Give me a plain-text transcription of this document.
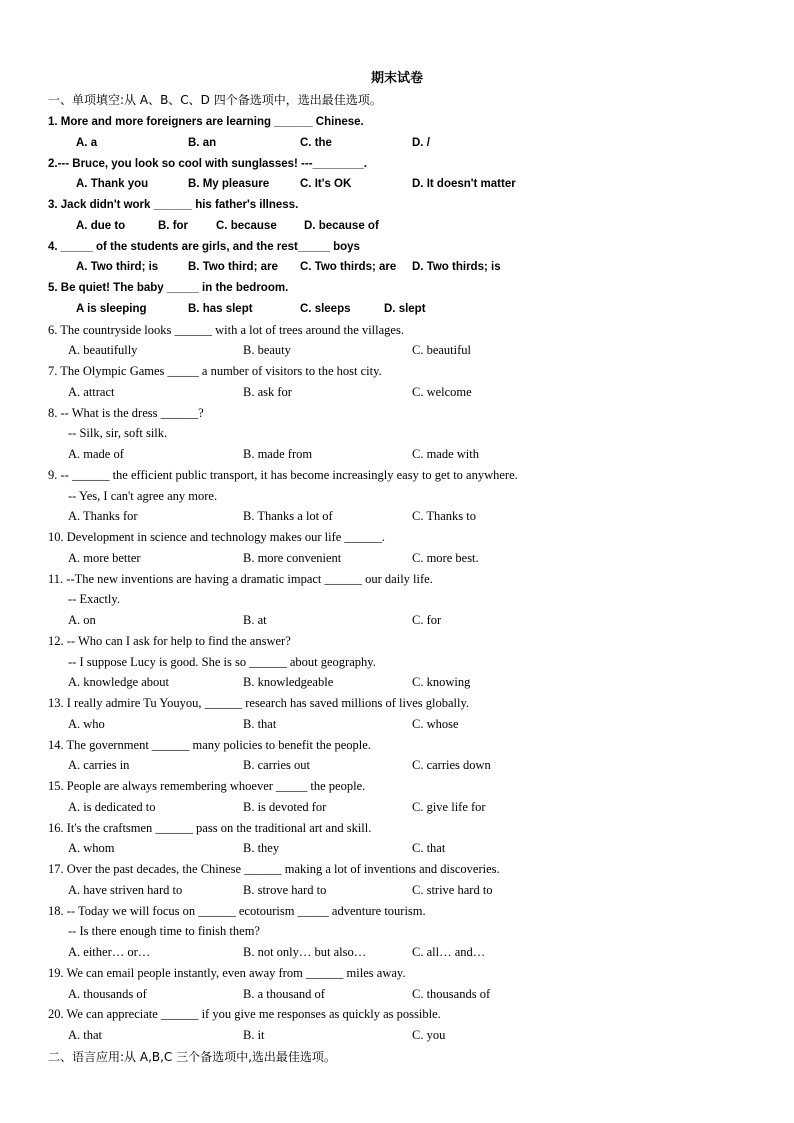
期末试卷
一、单项填空:从 A、B、C、D 四个备选项中，选出最佳选项。
1. More and more foreigners are learning ______ Chinese.
A. a	B. an	C. the	D. /
2.--- Bruce, you look so cool with sunglasses! ---________.
A. Thank you	B. My pleasure	C. It's OK	D. It doesn't matter
3. Jack didn't work ______ his father's illness.
A. due to	B. for C. because D. because of
4. _____ of the students are girls, and the rest_____ boys
A. Two third; is	B. Two third; are C. Two thirds; are D. Two thirds; is
5. Be quiet! The baby _____ in the bedroom.
A is sleeping	B. has slept	C. sleeps	D. slept
6. The countryside looks ______ with a lot of trees around the villages.
A. beautifully	B. beauty	C. beautiful
7. The Olympic Games _____ a number of visitors to the host city.
A. attract	B. ask for	C. welcome
8. -- What is the dress ______?
-- Silk, sir, soft silk.
A. made of	B. made from	C. made with
9. -- ______ the efficient public transport, it has become increasingly easy to get to anywhere.
-- Yes, I can't agree any more.
A. Thanks for	B. Thanks a lot of	C. Thanks to
10. Development in science and technology makes our life ______.
A. more better	B. more convenient	C. more best.
11. --The new inventions are having a dramatic impact ______ our daily life.
-- Exactly.
A. on	B. at	C. for
12. -- Who can I ask for help to find the answer?
-- I suppose Lucy is good. She is so ______ about geography.
A. knowledge about	B. knowledgeable	C. knowing
13. I really admire Tu Youyou, ______ research has saved millions of lives globally.
A. who	B. that	C. whose
14. The government ______ many policies to benefit the people.
A. carries in	B. carries out	C. carries down
15. People are always remembering whoever _____ the people.
A. is dedicated to	B. is devoted for	C. give life for
16. It's the craftsmen ______ pass on the traditional art and skill.
A. whom	B. they	C. that
17. Over the past decades, the Chinese ______ making a lot of inventions and discoveries.
A. have striven hard to	B. strove hard to	C. strive hard to
18. -- Today we will focus on ______ ecotourism _____ adventure tourism.
-- Is there enough time to finish them?
A. either… or…	B. not only… but also…	C. all… and…
19. We can email people instantly, even away from ______ miles away.
A. thousands of	B. a thousand of	C. thousands of
20. We can appreciate ______ if you give me responses as quickly as possible.
A. that	B. it	C. you
二、语言应用:从 A,B,C 三个备选项中,选出最佳选项。
